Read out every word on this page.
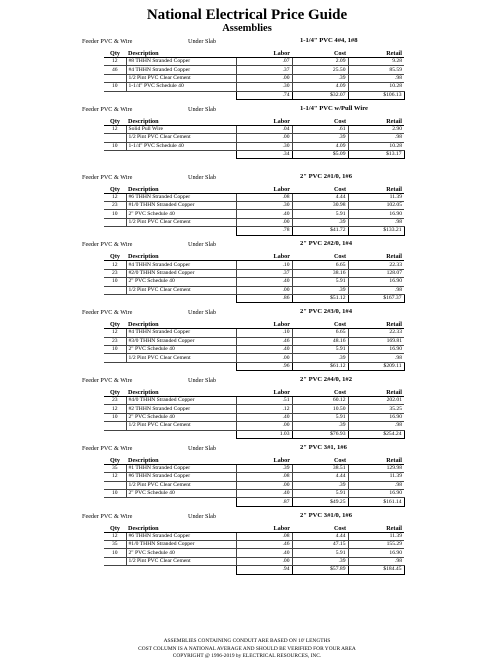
National Electrical Price Guide
Assemblies
Feeder PVC & Wire	Under Slab	1-1/4" PVC 4#4, 1#8
Qty	Description	Labor	Cost	Retail
12	#8 THHN Stranded Copper	.07	2.09	9.28
46	#4 THHN Stranded Copper	.37	25.50	85.59
	1/2 Pint PVC Clear Cement	.00	.39	.98
10	1-1/4" PVC Schedule 40	.30	4.09	10.28
		.74	$32.07	$106.13
Feeder PVC & Wire	Under Slab	1-1/4" PVC w/Pull Wire
Qty	Description	Labor	Cost	Retail
12	Solid Pull Wire	.04	.61	2.90
	1/2 Pint PVC Clear Cement	.00	.39	.98
10	1-1/4" PVC Schedule 40	.30	4.09	10.28
		.34	$5.09	$13.17
Feeder PVC & Wire	Under Slab	2" PVC 2#1/0, 1#6
Qty	Description	Labor	Cost	Retail
12	#6 THHN Stranded Copper	.08	4.44	11.39
23	#1/0 THHN Stranded Copper	.30	30.98	102.05
10	2" PVC Schedule 40	.40	5.91	16.90
	1/2 Pint PVC Clear Cement	.00	.39	.98
		.78	$41.72	$133.21
Feeder PVC & Wire	Under Slab	2" PVC 2#2/0, 1#4
Qty	Description	Labor	Cost	Retail
12	#4 THHN Stranded Copper	.10	6.65	22.33
23	#2/0 THHN Stranded Copper	.37	38.16	128.07
10	2" PVC Schedule 40	.40	5.91	16.90
	1/2 Pint PVC Clear Cement	.00	.39	.98
		.86	$51.12	$167.37
Feeder PVC & Wire	Under Slab	2" PVC 2#3/0, 1#4
Qty	Description	Labor	Cost	Retail
12	#4 THHN Stranded Copper	.10	6.65	22.33
23	#3/0 THHN Stranded Copper	.46	48.16	169.81
10	2" PVC Schedule 40	.40	5.91	16.90
	1/2 Pint PVC Clear Cement	.00	.39	.98
		.96	$61.12	$209.11
Feeder PVC & Wire	Under Slab	2" PVC 2#4/0, 1#2
Qty	Description	Labor	Cost	Retail
23	#4/0 THHN Stranded Copper	.51	60.12	202.01
12	#2 THHN Stranded Copper	.12	10.50	35.25
10	2" PVC Schedule 40	.40	5.91	16.90
	1/2 Pint PVC Clear Cement	.00	.39	.98
		1.03	$76.93	$254.24
Feeder PVC & Wire	Under Slab	2" PVC 3#1, 1#6
Qty	Description	Labor	Cost	Retail
35	#1 THHN Stranded Copper	.39	38.51	129.98
12	#6 THHN Stranded Copper	.08	4.44	11.39
	1/2 Pint PVC Clear Cement	.00	.39	.98
10	2" PVC Schedule 40	.40	5.91	16.90
		.87	$49.25	$161.14
Feeder PVC & Wire	Under Slab	2" PVC 3#1/0, 1#6
Qty	Description	Labor	Cost	Retail
12	#6 THHN Stranded Copper	.08	4.44	11.39
35	#1/0 THHN Stranded Copper	.46	47.15	155.29
10	2" PVC Schedule 40	.40	5.91	16.90
	1/2 Pint PVC Clear Cement	.00	.39	.98
		.94	$57.89	$184.45
ASSEMBLIES CONTAINING CONDUIT ARE BASED ON 10' LENGTHS
COST COLUMN IS A NATIONAL AVERAGE AND SHOULD BE VERIFIED FOR YOUR AREA
COPYRIGHT @ 1996-2019 by ELECTRICAL RESOURCES, INC.
